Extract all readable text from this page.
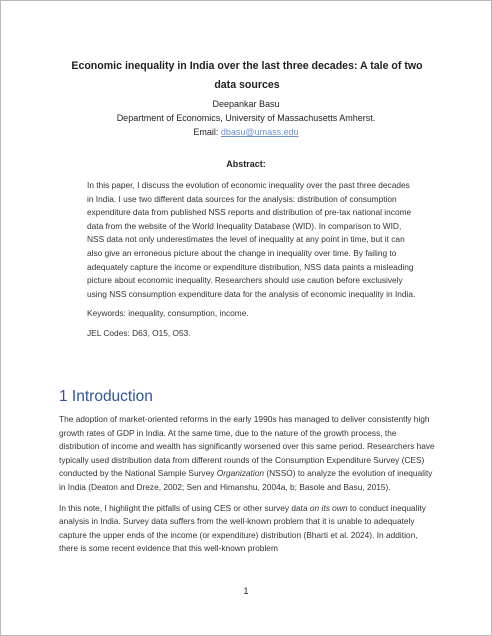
Economic inequality in India over the last three decades: A tale of two data sources
Deepankar Basu
Department of Economics, University of Massachusetts Amherst.
Email: dbasu@umass.edu
Abstract:

In this paper, I discuss the evolution of economic inequality over the past three decades in India. I use two different data sources for the analysis: distribution of consumption expenditure data from published NSS reports and distribution of pre-tax national income data from the website of the World Inequality Database (WID). In comparison to WID, NSS data not only underestimates the level of inequality at any point in time, but it can also give an erroneous picture about the change in inequality over time. By failing to adequately capture the income or expenditure distribution, NSS data paints a misleading picture about economic inequality. Researchers should use caution before exclusively using NSS consumption expenditure data for the analysis of economic inequality in India.

Keywords: inequality, consumption, income.

JEL Codes: D63, O15, O53.

1 Introduction

The adoption of market-oriented reforms in the early 1990s has managed to deliver consistently high growth rates of GDP in India. At the same time, due to the nature of the growth process, the distribution of income and wealth has significantly worsened over this same period. Researchers have typically used distribution data from different rounds of the Consumption Expenditure Survey (CES) conducted by the National Sample Survey Organization (NSSO) to analyze the evolution of inequality in India (Deaton and Dreze, 2002; Sen and Himanshu, 2004a, b; Basole and Basu, 2015).

In this note, I highlight the pitfalls of using CES or other survey data on its own to conduct inequality analysis in India. Survey data suffers from the well-known problem that it is unable to adequately capture the upper ends of the income (or expenditure) distribution (Bharti et al. 2024). In addition, there is some recent evidence that this well-known problem

1
